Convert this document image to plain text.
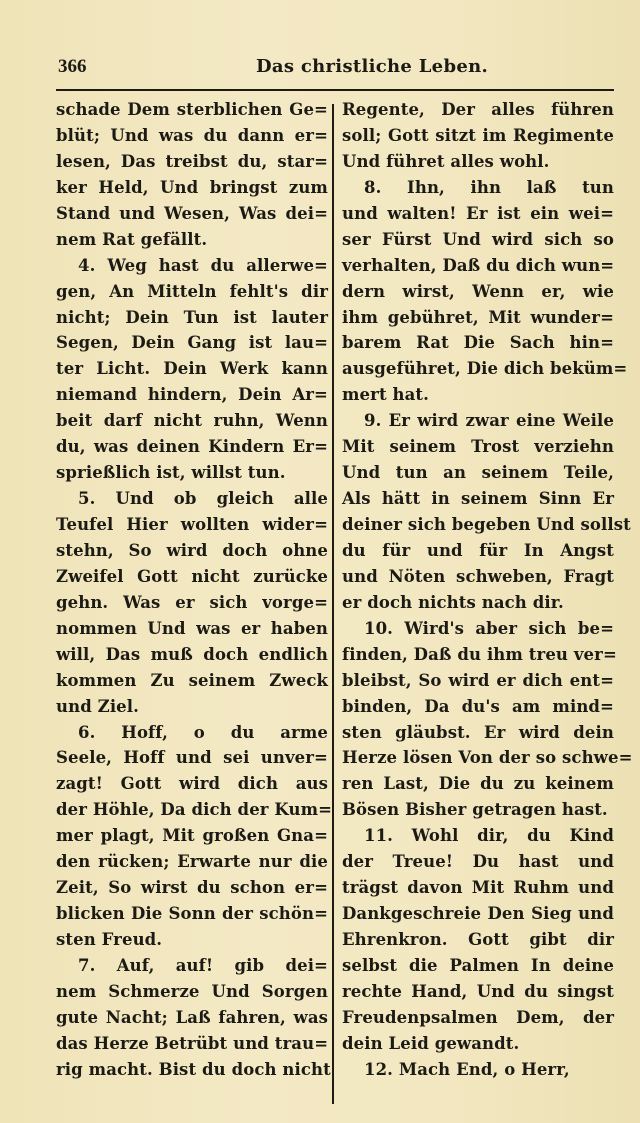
366	Das christliche Leben.
schade Dem sterblichen Ge=
blüt; Und was du dann er=
lesen, Das treibst du, star=
ker Held, Und bringst zum
Stand und Wesen, Was dei=
nem Rat gefällt.
4. Weg hast du allerwe=
gen, An Mitteln fehlt's dir
nicht; Dein Tun ist lauter
Segen, Dein Gang ist lau=
ter Licht. Dein Werk kann
niemand hindern, Dein Ar=
beit darf nicht ruhn, Wenn
du, was deinen Kindern Er=
sprießlich ist, willst tun.
5. Und ob gleich alle
Teufel Hier wollten wider=
stehn, So wird doch ohne
Zweifel Gott nicht zurücke
gehn. Was er sich vorge=
nommen Und was er haben
will, Das muß doch endlich
kommen Zu seinem Zweck
und Ziel.
6. Hoff, o du arme
Seele, Hoff und sei unver=
zagt! Gott wird dich aus
der Höhle, Da dich der Kum=
mer plagt, Mit großen Gna=
den rücken; Erwarte nur die
Zeit, So wirst du schon er=
blicken Die Sonn der schön=
sten Freud.
7. Auf, auf! gib dei=
nem Schmerze Und Sorgen
gute Nacht; Laß fahren, was
das Herze Betrübt und trau=
rig macht. Bist du doch nicht
Regente, Der alles führen
soll; Gott sitzt im Regimente
Und führet alles wohl.
8. Ihn, ihn laß tun
und walten! Er ist ein wei=
ser Fürst Und wird sich so
verhalten, Daß du dich wun=
dern wirst, Wenn er, wie
ihm gebühret, Mit wunder=
barem Rat Die Sach hin=
ausgeführet, Die dich beküm=
mert hat.
9. Er wird zwar eine Weile
Mit seinem Trost verziehn
Und tun an seinem Teile,
Als hätt in seinem Sinn Er
deiner sich begeben Und sollst
du für und für In Angst
und Nöten schweben, Fragt
er doch nichts nach dir.
10. Wird's aber sich be=
finden, Daß du ihm treu ver=
bleibst, So wird er dich ent=
binden, Da du's am mind=
sten gläubst. Er wird dein
Herze lösen Von der so schwe=
ren Last, Die du zu keinem
Bösen Bisher getragen hast.
11. Wohl dir, du Kind
der Treue! Du hast und
trägst davon Mit Ruhm und
Dankgeschreie Den Sieg und
Ehrenkron. Gott gibt dir
selbst die Palmen In deine
rechte Hand, Und du singst
Freudenpsalmen Dem, der
dein Leid gewandt.
12. Mach End, o Herr,
